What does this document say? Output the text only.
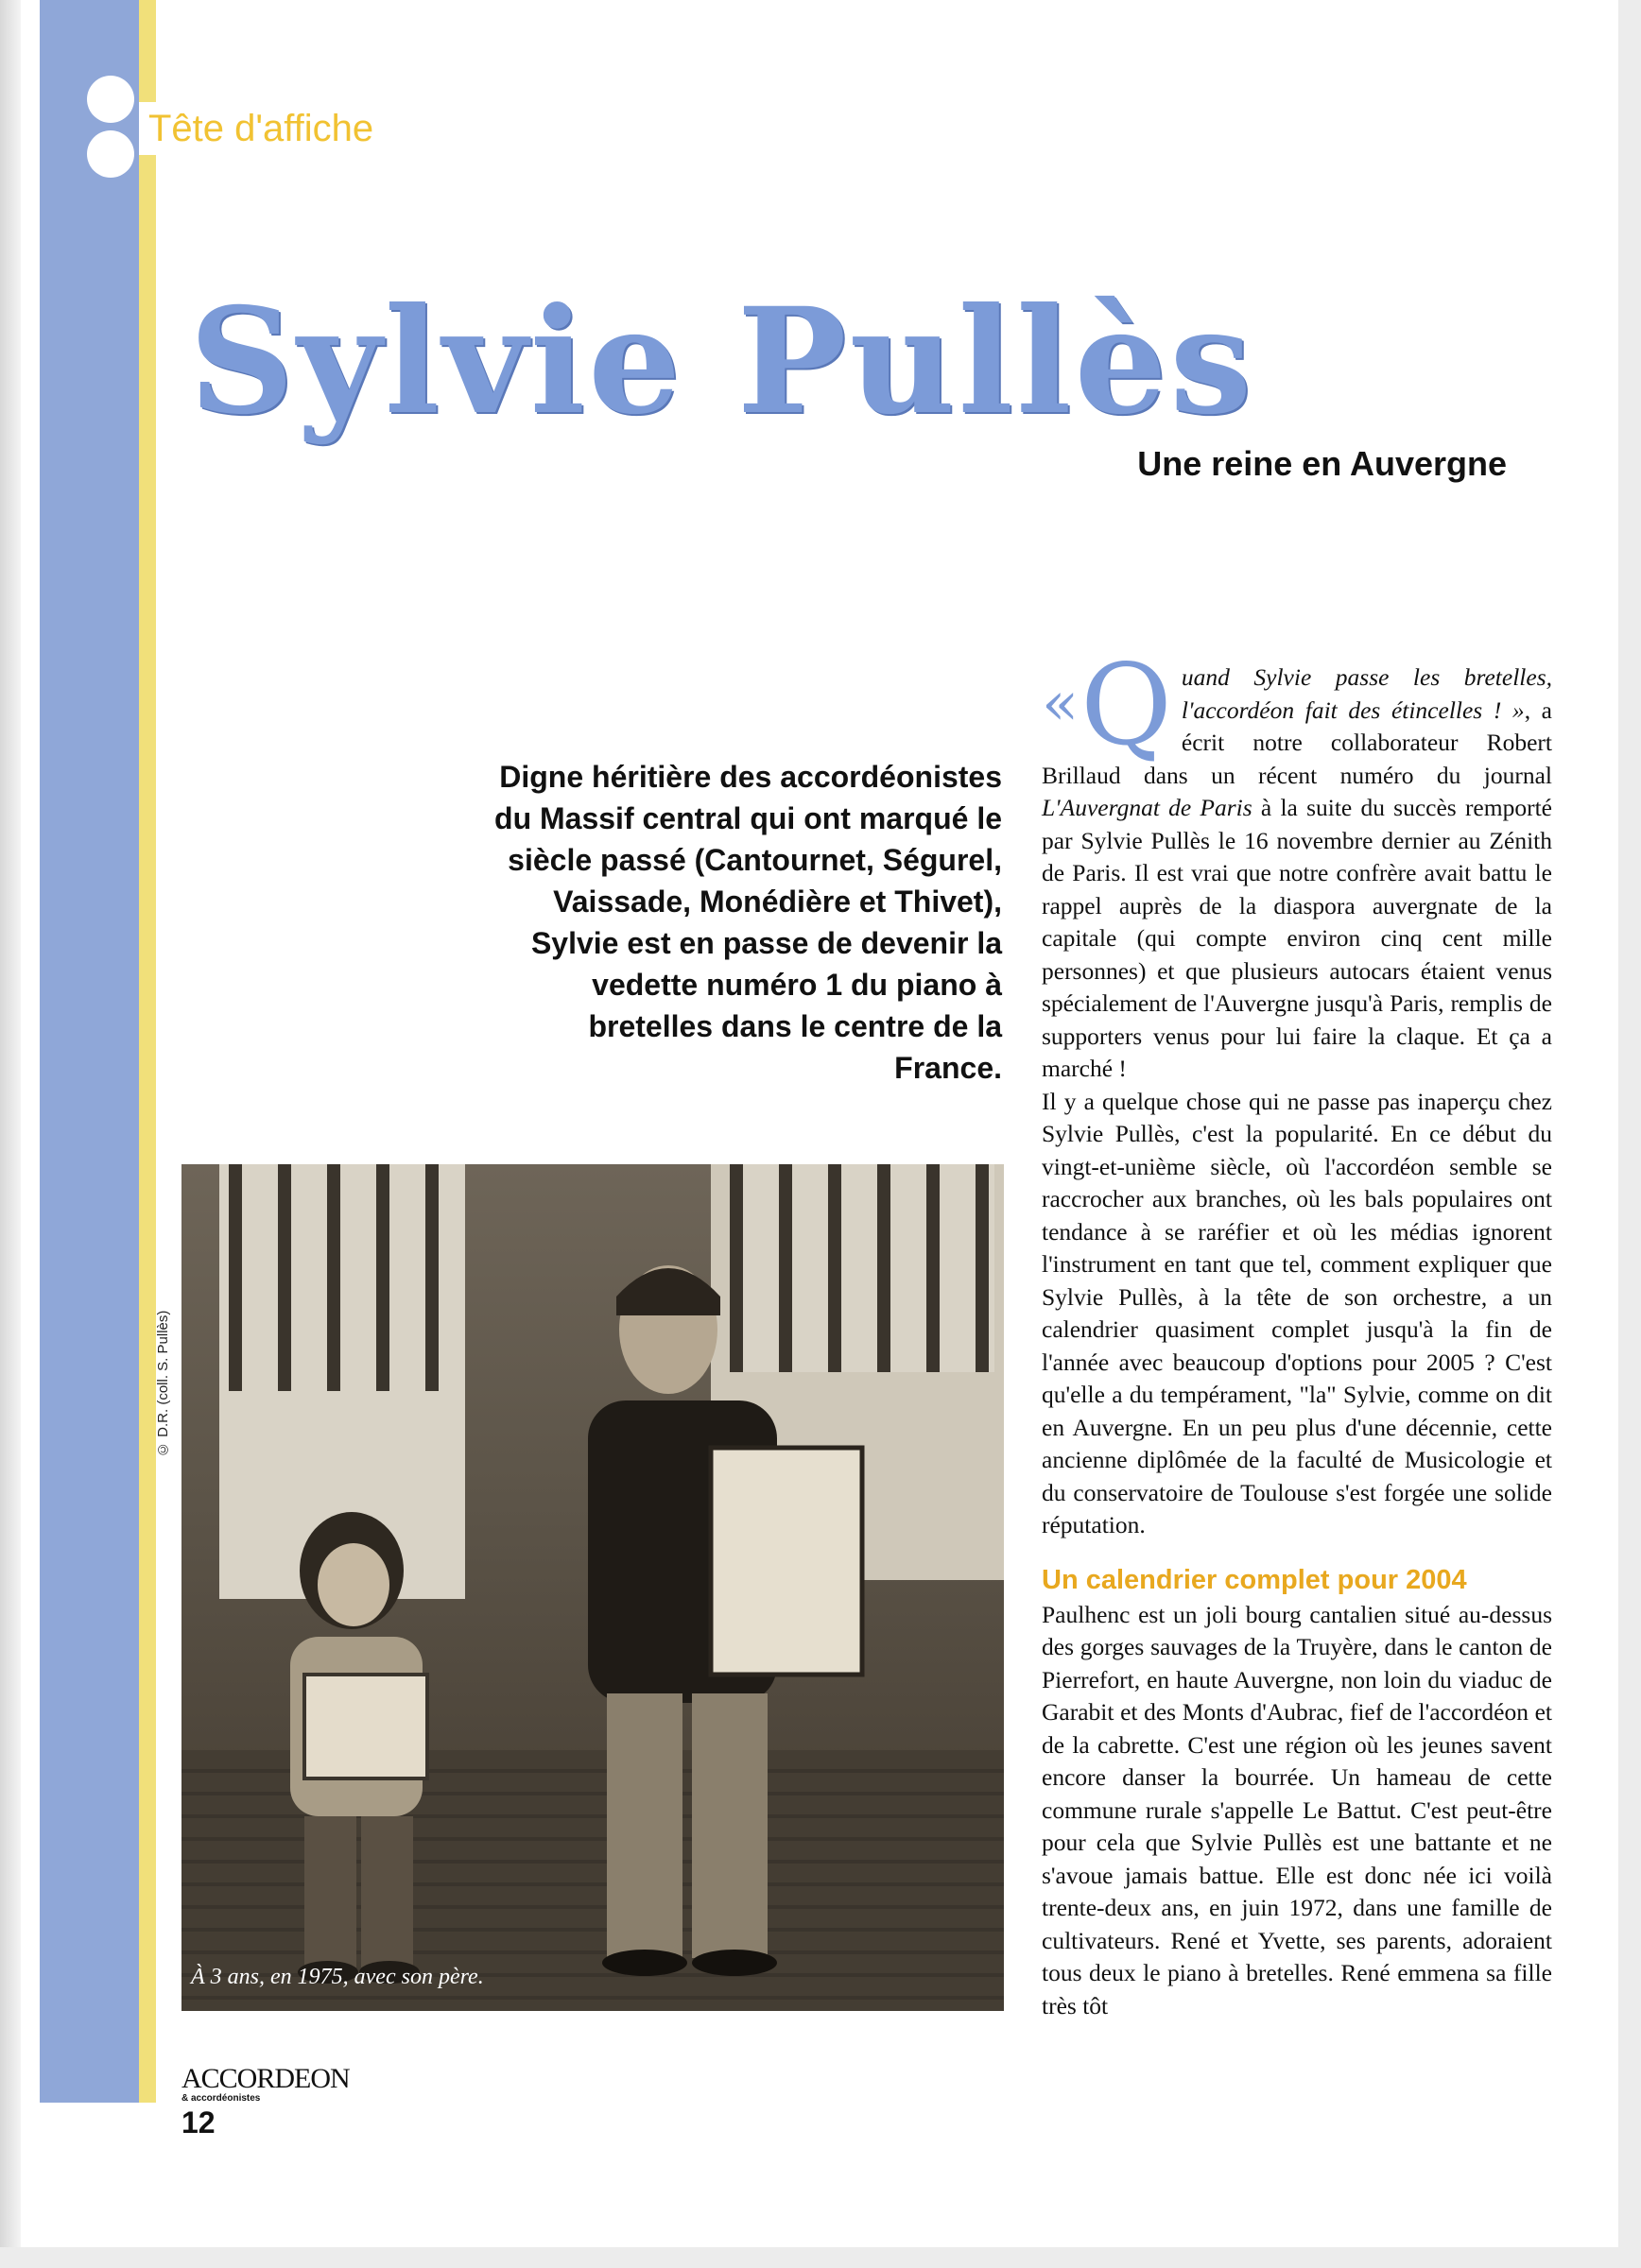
Tête d'affiche
Sylvie Pullès
Une reine en Auvergne
Digne héritière des accordéonistes du Massif central qui ont marqué le siècle passé (Cantournet, Ségurel, Vaissade, Monédière et Thivet), Sylvie est en passe de devenir la vedette numéro 1 du piano à bretelles dans le centre de la France.
© D.R. (coll. S. Pullès)
À 3 ans, en 1975, avec son père.

« Q uand Sylvie passe les bretelles, l'accordéon fait des étincelles ! », a écrit notre collaborateur Robert Brillaud dans un récent numéro du journal L'Auvergnat de Paris à la suite du succès remporté par Sylvie Pullès le 16 novembre dernier au Zénith de Paris. Il est vrai que notre confrère avait battu le rappel auprès de la diaspora auvergnate de la capitale (qui compte environ cinq cent mille personnes) et que plusieurs autocars étaient venus spécialement de l'Auvergne jusqu'à Paris, remplis de supporters venus pour lui faire la claque. Et ça a marché !

Il y a quelque chose qui ne passe pas inaperçu chez Sylvie Pullès, c'est la popularité. En ce début du vingt-et-unième siècle, où l'accordéon semble se raccrocher aux branches, où les bals populaires ont tendance à se raréfier et où les médias ignorent l'instrument en tant que tel, comment expliquer que Sylvie Pullès, à la tête de son orchestre, a un calendrier quasiment complet jusqu'à la fin de l'année avec beaucoup d'options pour 2005 ? C'est qu'elle a du tempérament, "la" Sylvie, comme on dit en Auvergne. En un peu plus d'une décennie, cette ancienne diplômée de la faculté de Musicologie et du conservatoire de Toulouse s'est forgée une solide réputation.

Un calendrier complet pour 2004

Paulhenc est un joli bourg cantalien situé au-dessus des gorges sauvages de la Truyère, dans le canton de Pierrefort, en haute Auvergne, non loin du viaduc de Garabit et des Monts d'Aubrac, fief de l'accordéon et de la cabrette. C'est une région où les jeunes savent encore danser la bourrée. Un hameau de cette commune rurale s'appelle Le Battut. C'est peut-être pour cela que Sylvie Pullès est une battante et ne s'avoue jamais battue. Elle est donc née ici voilà trente-deux ans, en juin 1972, dans une famille de cultivateurs. René et Yvette, ses parents, adoraient tous deux le piano à bretelles. René emmena sa fille très tôt

ACCORDEON
& accordéonistes
12
